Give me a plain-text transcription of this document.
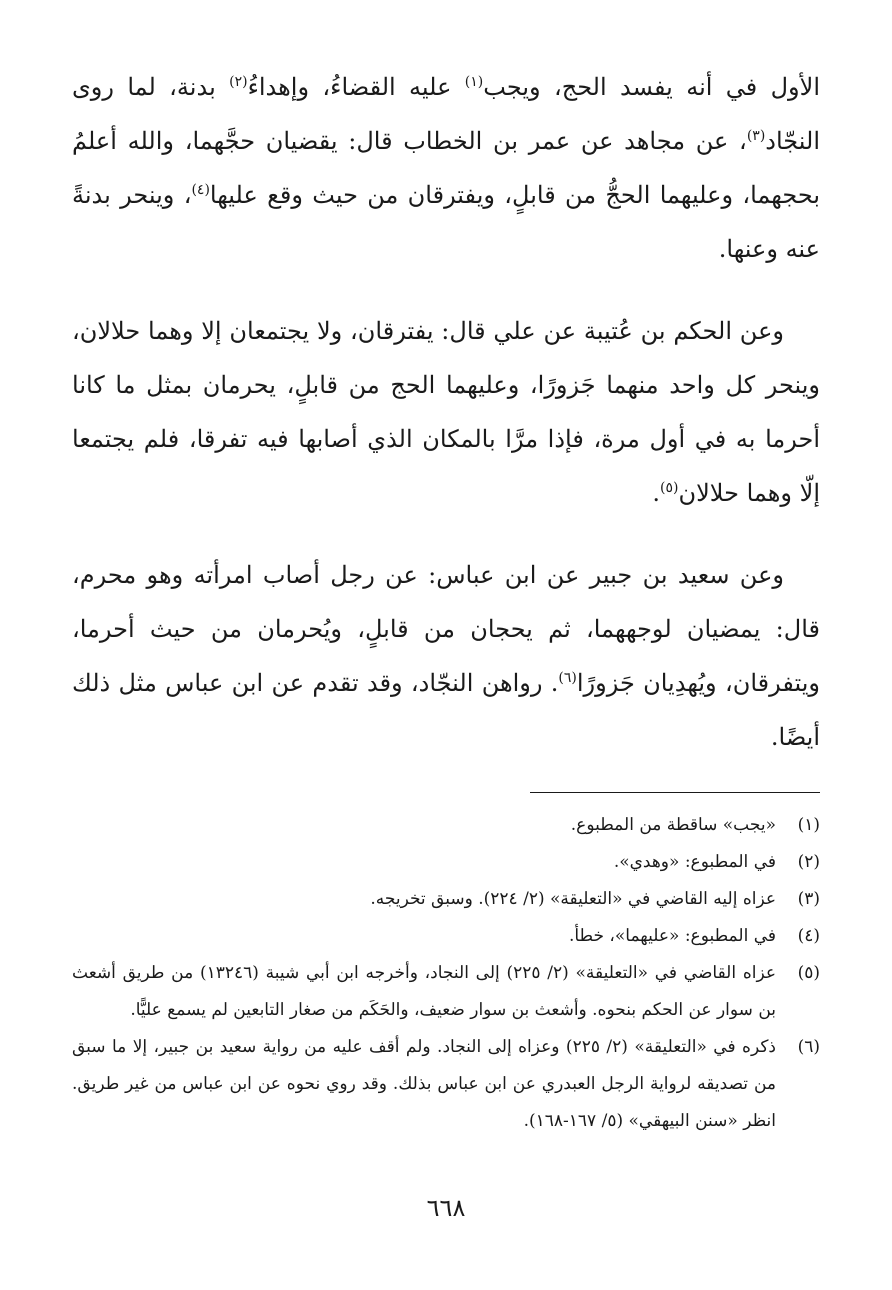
الأول في أنه يفسد الحج، ويجب$^{(١)}$ عليه القضاءُ، وإهداءُ$^{(٢)}$ بدنة، لما روى النجّاد$^{(٣)}$، عن مجاهد عن عمر بن الخطاب قال: يقضيان حجَّهما، والله أعلمُ بحجهما، وعليهما الحجُّ من قابلٍ، ويفترقان من حيث وقع عليها$^{(٤)}$، وينحر بدنةً عنه وعنها.

وعن الحكم بن عُتيبة عن علي قال: يفترقان، ولا يجتمعان إلا وهما حلالان، وينحر كل واحد منهما جَزورًا، وعليهما الحج من قابلٍ، يحرمان بمثل ما كانا أحرما به في أول مرة، فإذا مرَّا بالمكان الذي أصابها فيه تفرقا، فلم يجتمعا إلّا وهما حلالان$^{(٥)}$.

وعن سعيد بن جبير عن ابن عباس: عن رجل أصاب امرأته وهو محرم، قال: يمضيان لوجههما، ثم يحجان من قابلٍ، ويُحرمان من حيث أحرما، ويتفرقان، ويُهدِيان جَزورًا$^{(٦)}$. رواهن النجّاد، وقد تقدم عن ابن عباس مثل ذلك أيضًا.

(١)
«يجب» ساقطة من المطبوع.
(٢)
في المطبوع: «وهدي».
(٣)
عزاه إليه القاضي في «التعليقة» (٢/ ٢٢٤). وسبق تخريجه.
(٤)
في المطبوع: «عليهما»، خطأ.
(٥)
عزاه القاضي في «التعليقة» (٢/ ٢٢٥) إلى النجاد، وأخرجه ابن أبي شيبة (١٣٢٤٦) من طريق أشعث بن سوار عن الحكم بنحوه. وأشعث بن سوار ضعيف، والحَكَم من صغار التابعين لم يسمع عليًّا.
(٦)
ذكره في «التعليقة» (٢/ ٢٢٥) وعزاه إلى النجاد. ولم أقف عليه من رواية سعيد بن جبير، إلا ما سبق من تصديقه لرواية الرجل العبدري عن ابن عباس بذلك. وقد روي نحوه عن ابن عباس من غير طريق. انظر «سنن البيهقي» (٥/ ١٦٧-١٦٨).
٦٦٨
